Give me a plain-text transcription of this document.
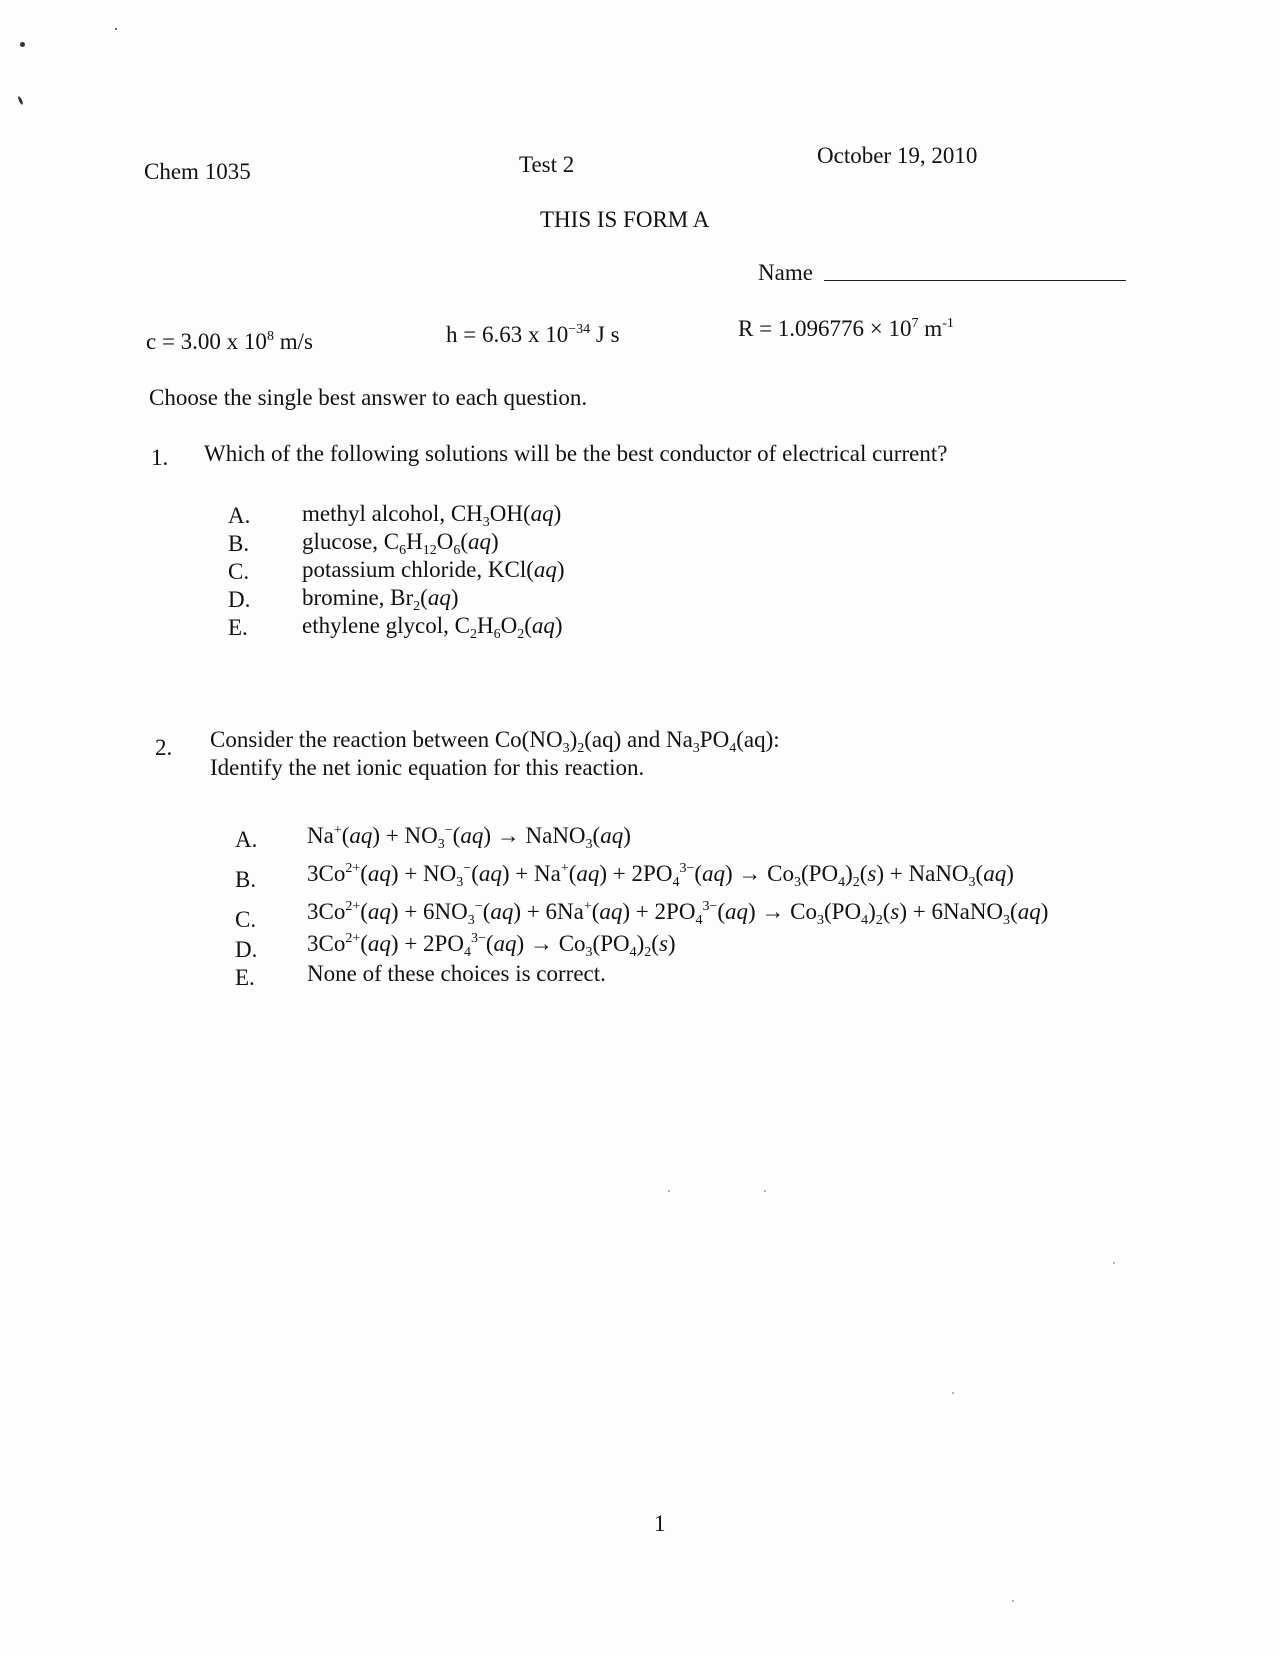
Chem 1035	Test 2	October 19, 2010
THIS IS FORM A
Name
c = 3.00 x $10^8$ m/s	h = 6.63 x $10^{-34}$ J s	$R = 1.096776 \times 10^7$ $m^{-1}$
Choose the single best answer to each question.
1. Which of the following solutions will be the best conductor of electrical current?
A.
B.
C.
D.
E.
methyl alcohol, $CH_3OH(aq)$
glucose, $C_6H_{12}O_6(aq)$
potassium chloride, KCl(aq)
bromine, $Br_2(aq)$
ethylene glycol, $C_2H_6O_2(aq)$
2. Consider the reaction between $Co(NO_3)_2(aq)$ and $Na_3PO_4(aq)$:
Identify the net ionic equation for this reaction.
A.
B.
C.
D.
E.
$Na^+(aq) + NO_3^-(aq)$ → NaNO$_3$(aq)
$3Co^{2+}(aq) + NO_3^-(aq) + Na^+(aq) + 2PO_4^{3-}(aq) \to Co_3(PO_4)_2(s)$ + NaNO$_3$(aq)
$3Co^{2+}(aq) + 6NO_3^-(aq) + 6Na^+(aq) + 2PO_4^{3-}(aq) \to Co_3(PO_4)_2(s)$ + 6NaNO$_3$(aq)
$3Co^{2+}(aq) + 2PO_4^{3-}(aq) \to Co_3(PO_4)_2(s)$
None of these choices is correct.
1
